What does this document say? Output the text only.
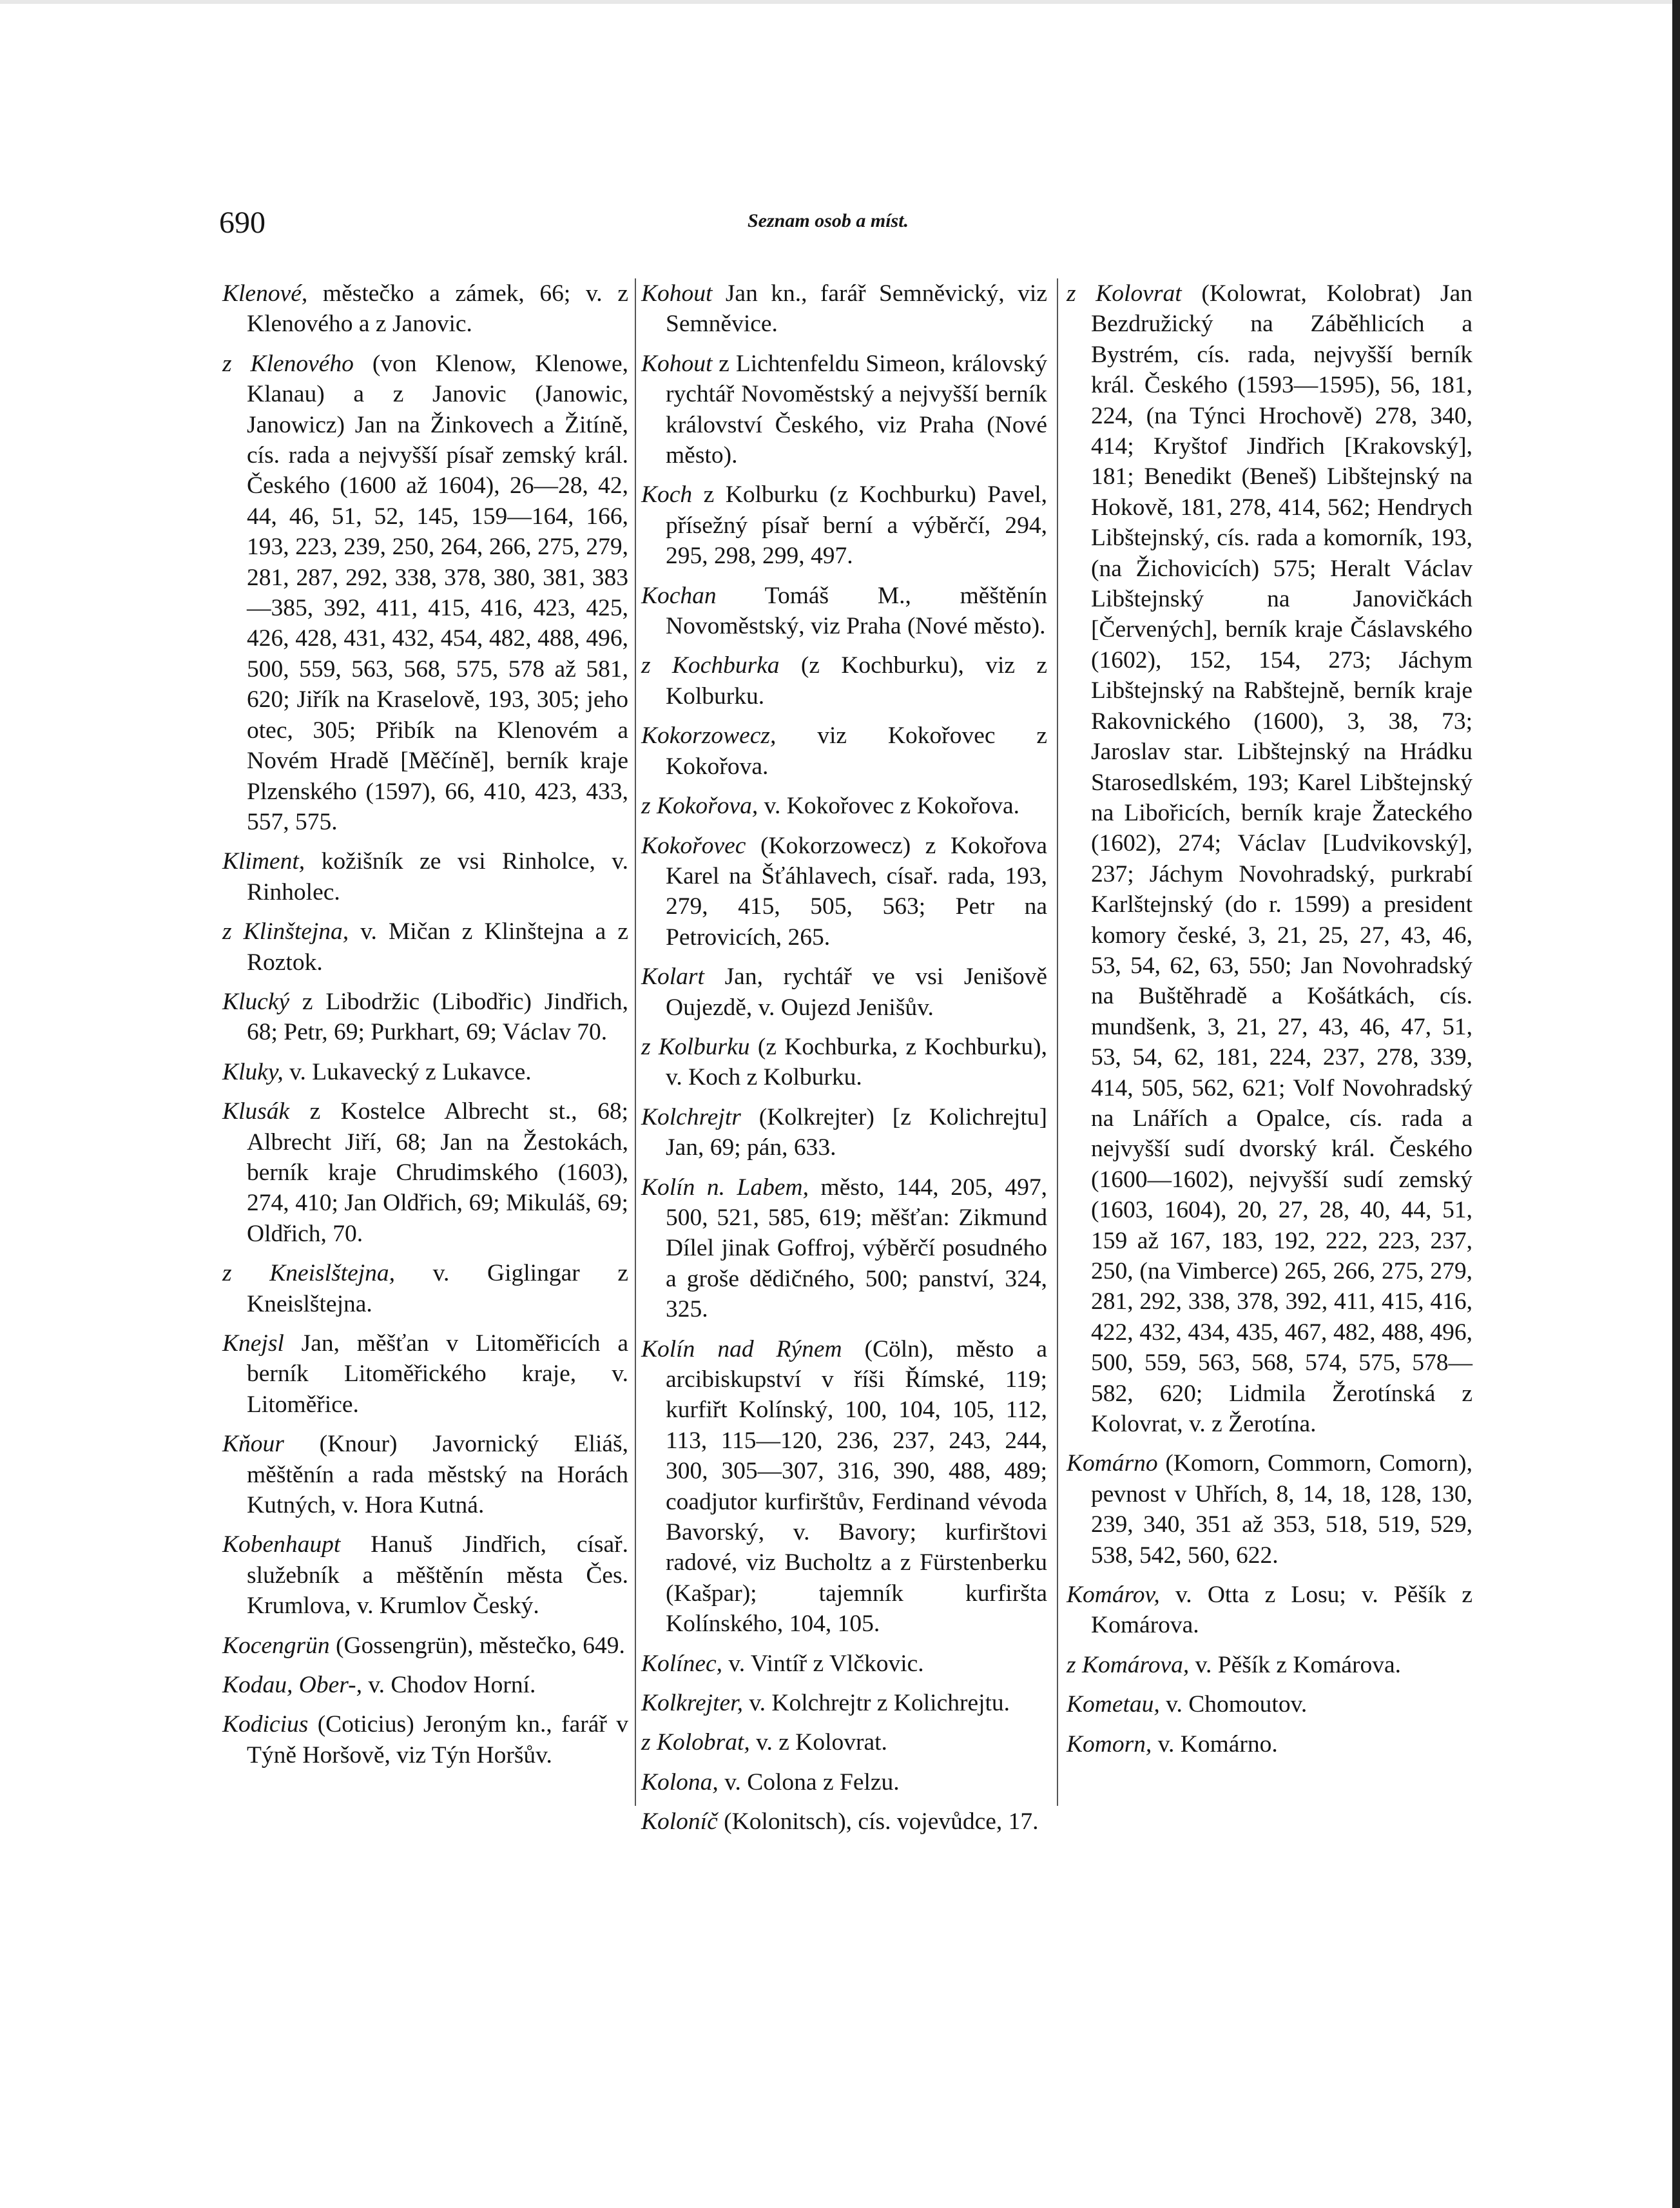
690	Seznam osob a míst.

Klenové, městečko a zámek, 66; v. z Klenového a z Janovic.

z Klenového (von Klenow, Klenowe, Klanau) a z Janovic (Janowic, Janowicz) Jan na Žinkovech a Žitíně, cís. rada a nejvyšší písař zemský král. Českého (1600 až 1604), 26—28, 42, 44, 46, 51, 52, 145, 159—164, 166, 193, 223, 239, 250, 264, 266, 275, 279, 281, 287, 292, 338, 378, 380, 381, 383—385, 392, 411, 415, 416, 423, 425, 426, 428, 431, 432, 454, 482, 488, 496, 500, 559, 563, 568, 575, 578 až 581, 620; Jiřík na Kraselově, 193, 305; jeho otec, 305; Přibík na Klenovém a Novém Hradě [Měčíně], berník kraje Plzenského (1597), 66, 410, 423, 433, 557, 575.

Kliment, kožišník ze vsi Rinholce, v. Rinholec.

z Klinštejna, v. Mičan z Klinštejna a z Roztok.

Klucký z Libodržic (Libodřic) Jindřich, 68; Petr, 69; Purkhart, 69; Václav 70.

Kluky, v. Lukavecký z Lukavce.

Klusák z Kostelce Albrecht st., 68; Albrecht Jiří, 68; Jan na Žestokách, berník kraje Chrudimského (1603), 274, 410; Jan Oldřich, 69; Mikuláš, 69; Oldřich, 70.

z Kneislštejna, v. Giglingar z Kneislštejna.

Knejsl Jan, měšťan v Litoměřicích a berník Litoměřického kraje, v. Litoměřice.

Kňour (Knour) Javornický Eliáš, měštěnín a rada městský na Horách Kutných, v. Hora Kutná.

Kobenhaupt Hanuš Jindřich, císař. služebník a měštěnín města Čes. Krumlova, v. Krumlov Český.

Kocengrün (Gossengrün), městečko, 649.

Kodau, Ober-, v. Chodov Horní.

Kodicius (Coticius) Jeroným kn., farář v Týně Horšově, viz Týn Horšův.

Kohout Jan kn., farář Semněvický, viz Semněvice.

Kohout z Lichtenfeldu Simeon, královský rychtář Novoměstský a nejvyšší berník království Českého, viz Praha (Nové město).

Koch z Kolburku (z Kochburku) Pavel, přísežný písař berní a výběrčí, 294, 295, 298, 299, 497.

Kochan Tomáš M., měštěnín Novoměstský, viz Praha (Nové město).

z Kochburka (z Kochburku), viz z Kolburku.

Kokorzowecz, viz Kokořovec z Kokořova.

z Kokořova, v. Kokořovec z Kokořova.

Kokořovec (Kokorzowecz) z Kokořova Karel na Šťáhlavech, císař. rada, 193, 279, 415, 505, 563; Petr na Petrovicích, 265.

Kolart Jan, rychtář ve vsi Jenišově Oujezdě, v. Oujezd Jenišův.

z Kolburku (z Kochburka, z Kochburku), v. Koch z Kolburku.

Kolchrejtr (Kolkrejter) [z Kolichrejtu] Jan, 69; pán, 633.

Kolín n. Labem, město, 144, 205, 497, 500, 521, 585, 619; měšťan: Zikmund Dílel jinak Goffroj, výběrčí posudného a groše dědičného, 500; panství, 324, 325.

Kolín nad Rýnem (Cöln), město a arcibiskupství v říši Římské, 119; kurfiřt Kolínský, 100, 104, 105, 112, 113, 115—120, 236, 237, 243, 244, 300, 305—307, 316, 390, 488, 489; coadjutor kurfirštův, Ferdinand vévoda Bavorský, v. Bavory; kurfirštovi radové, viz Bucholtz a z Fürstenberku (Kašpar); tajemník kurfiršta Kolínského, 104, 105.

Kolínec, v. Vintíř z Vlčkovic.

Kolkrejter, v. Kolchrejtr z Kolichrejtu.

z Kolobrat, v. z Kolovrat.

Kolona, v. Colona z Felzu.

Koloníč (Kolonitsch), cís. vojevůdce, 17.

z Kolovrat (Kolowrat, Kolobrat) Jan Bezdružický na Záběhlicích a Bystrém, cís. rada, nejvyšší berník král. Českého (1593—1595), 56, 181, 224, (na Týnci Hrochově) 278, 340, 414; Kryštof Jindřich [Krakovský], 181; Benedikt (Beneš) Libštejnský na Hokově, 181, 278, 414, 562; Hendrych Libštejnský, cís. rada a komorník, 193, (na Žichovicích) 575; Heralt Václav Libštejnský na Janovičkách [Červených], berník kraje Čáslavského (1602), 152, 154, 273; Jáchym Libštejnský na Rabštejně, berník kraje Rakovnického (1600), 3, 38, 73; Jaroslav star. Libštejnský na Hrádku Starosedlském, 193; Karel Libštejnský na Libořicích, berník kraje Žateckého (1602), 274; Václav [Ludvikovský], 237; Jáchym Novohradský, purkrabí Karlštejnský (do r. 1599) a president komory české, 3, 21, 25, 27, 43, 46, 53, 54, 62, 63, 550; Jan Novohradský na Buštěhradě a Košátkách, cís. mundšenk, 3, 21, 27, 43, 46, 47, 51, 53, 54, 62, 181, 224, 237, 278, 339, 414, 505, 562, 621; Volf Novohradský na Lnářích a Opalce, cís. rada a nejvyšší sudí dvorský král. Českého (1600—1602), nejvyšší sudí zemský (1603, 1604), 20, 27, 28, 40, 44, 51, 159 až 167, 183, 192, 222, 223, 237, 250, (na Vimberce) 265, 266, 275, 279, 281, 292, 338, 378, 392, 411, 415, 416, 422, 432, 434, 435, 467, 482, 488, 496, 500, 559, 563, 568, 574, 575, 578—582, 620; Lidmila Žerotínská z Kolovrat, v. z Žerotína.

Komárno (Komorn, Commorn, Comorn), pevnost v Uhřích, 8, 14, 18, 128, 130, 239, 340, 351 až 353, 518, 519, 529, 538, 542, 560, 622.

Komárov, v. Otta z Losu; v. Pěšík z Komárova.

z Komárova, v. Pěšík z Komárova.

Kometau, v. Chomoutov.

Komorn, v. Komárno.
